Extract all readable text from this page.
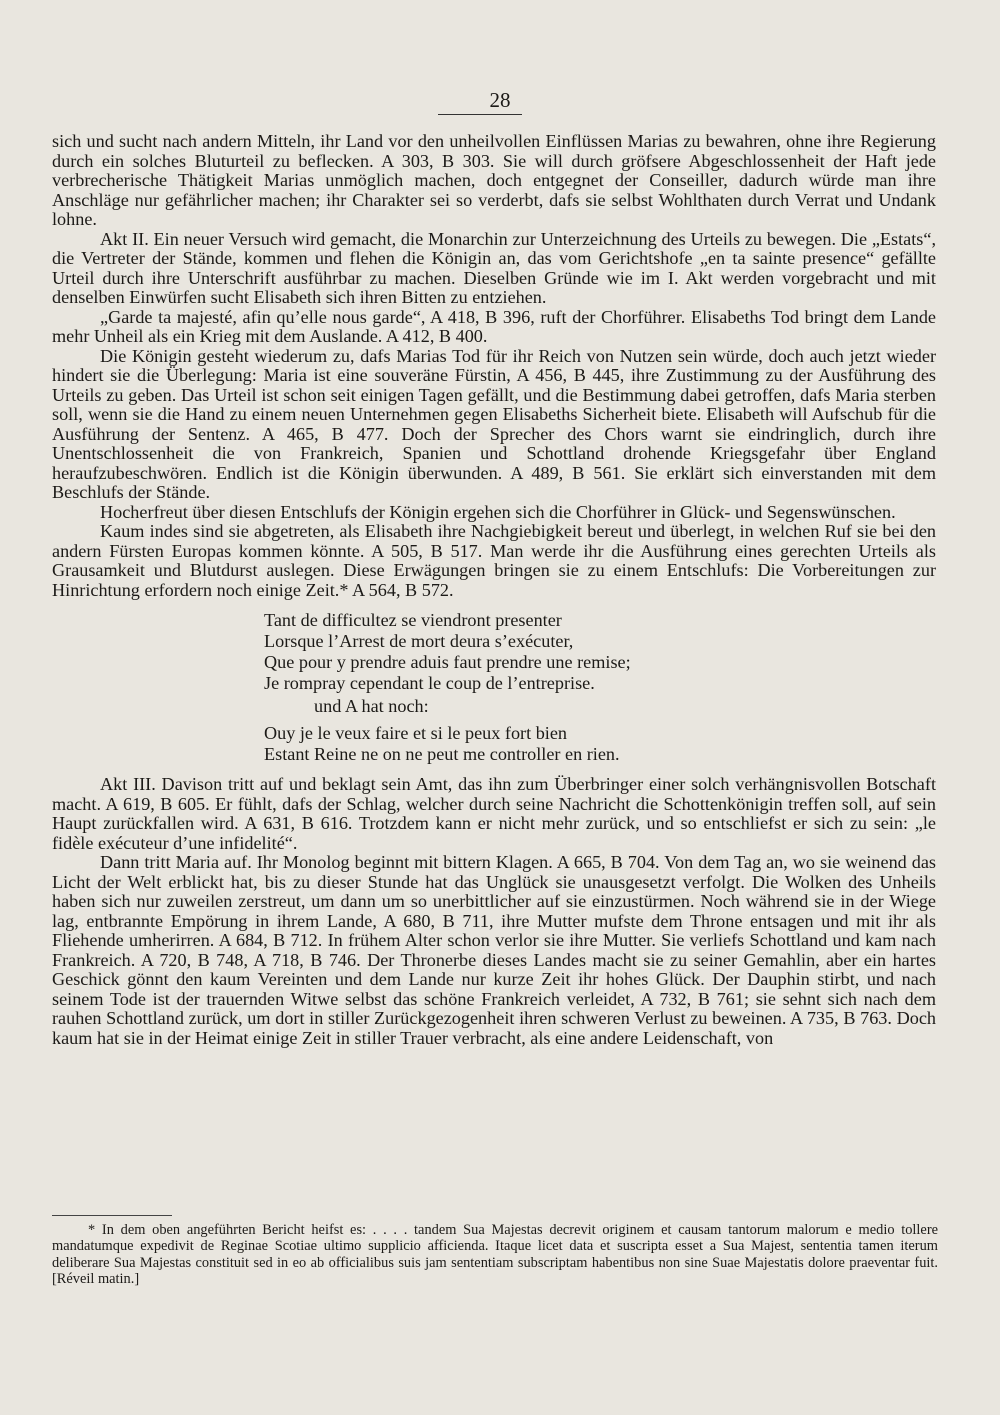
28

sich und sucht nach andern Mitteln, ihr Land vor den unheilvollen Einflüssen Marias zu bewahren, ohne ihre Regierung durch ein solches Bluturteil zu beflecken. A 303, B 303. Sie will durch gröfsere Abgeschlossenheit der Haft jede verbrecherische Thätigkeit Marias unmöglich machen, doch entgegnet der Conseiller, dadurch würde man ihre Anschläge nur gefährlicher machen; ihr Charakter sei so verderbt, dafs sie selbst Wohlthaten durch Verrat und Undank lohne.

Akt II. Ein neuer Versuch wird gemacht, die Monarchin zur Unterzeichnung des Urteils zu bewegen. Die „Estats“, die Vertreter der Stände, kommen und flehen die Königin an, das vom Gerichtshofe „en ta sainte presence“ gefällte Urteil durch ihre Unterschrift ausführbar zu machen. Dieselben Gründe wie im I. Akt werden vorgebracht und mit denselben Einwürfen sucht Elisabeth sich ihren Bitten zu entziehen.

„Garde ta majesté, afin qu’elle nous garde“, A 418, B 396, ruft der Chorführer. Elisabeths Tod bringt dem Lande mehr Unheil als ein Krieg mit dem Auslande. A 412, B 400.

Die Königin gesteht wiederum zu, dafs Marias Tod für ihr Reich von Nutzen sein würde, doch auch jetzt wieder hindert sie die Überlegung: Maria ist eine souveräne Fürstin, A 456, B 445, ihre Zustimmung zu der Ausführung des Urteils zu geben. Das Urteil ist schon seit einigen Tagen gefällt, und die Bestimmung dabei getroffen, dafs Maria sterben soll, wenn sie die Hand zu einem neuen Unternehmen gegen Elisabeths Sicherheit biete. Elisabeth will Aufschub für die Ausführung der Sentenz. A 465, B 477. Doch der Sprecher des Chors warnt sie eindringlich, durch ihre Unentschlossenheit die von Frankreich, Spanien und Schottland drohende Kriegsgefahr über England heraufzubeschwören. Endlich ist die Königin überwunden. A 489, B 561. Sie erklärt sich einverstanden mit dem Beschlufs der Stände.

Hocherfreut über diesen Entschlufs der Königin ergehen sich die Chorführer in Glück- und Segenswünschen.

Kaum indes sind sie abgetreten, als Elisabeth ihre Nachgiebigkeit bereut und überlegt, in welchen Ruf sie bei den andern Fürsten Europas kommen könnte. A 505, B 517. Man werde ihr die Ausführung eines gerechten Urteils als Grausamkeit und Blutdurst auslegen. Diese Erwägungen bringen sie zu einem Entschlufs: Die Vorbereitungen zur Hinrichtung erfordern noch einige Zeit.* A 564, B 572.

Tant de difficultez se viendront presenter
Lorsque l’Arrest de mort deura s’exécuter,
Que pour y prendre aduis faut prendre une remise;
Je rompray cependant le coup de l’entreprise.
und A hat noch:
Ouy je le veux faire et si le peux fort bien
Estant Reine ne on ne peut me controller en rien.

Akt III. Davison tritt auf und beklagt sein Amt, das ihn zum Überbringer einer solch verhängnisvollen Botschaft macht. A 619, B 605. Er fühlt, dafs der Schlag, welcher durch seine Nachricht die Schottenkönigin treffen soll, auf sein Haupt zurückfallen wird. A 631, B 616. Trotzdem kann er nicht mehr zurück, und so entschliefst er sich zu sein: „le fidèle exécuteur d’une infidelité“.

Dann tritt Maria auf. Ihr Monolog beginnt mit bittern Klagen. A 665, B 704. Von dem Tag an, wo sie weinend das Licht der Welt erblickt hat, bis zu dieser Stunde hat das Unglück sie unausgesetzt verfolgt. Die Wolken des Unheils haben sich nur zuweilen zerstreut, um dann um so unerbittlicher auf sie einzustürmen. Noch während sie in der Wiege lag, entbrannte Empörung in ihrem Lande, A 680, B 711, ihre Mutter mufste dem Throne entsagen und mit ihr als Fliehende umherirren. A 684, B 712. In frühem Alter schon verlor sie ihre Mutter. Sie verliefs Schottland und kam nach Frankreich. A 720, B 748, A 718, B 746. Der Thronerbe dieses Landes macht sie zu seiner Gemahlin, aber ein hartes Geschick gönnt den kaum Vereinten und dem Lande nur kurze Zeit ihr hohes Glück. Der Dauphin stirbt, und nach seinem Tode ist der trauernden Witwe selbst das schöne Frankreich verleidet, A 732, B 761; sie sehnt sich nach dem rauhen Schottland zurück, um dort in stiller Zurückgezogenheit ihren schweren Verlust zu beweinen. A 735, B 763. Doch kaum hat sie in der Heimat einige Zeit in stiller Trauer verbracht, als eine andere Leidenschaft, von

* In dem oben angeführten Bericht heifst es: . . . . tandem Sua Majestas decrevit originem et causam tantorum malorum e medio tollere mandatumque expedivit de Reginae Scotiae ultimo supplicio afficienda. Itaque licet data et suscripta esset a Sua Majest, sententia tamen iterum deliberare Sua Majestas constituit sed in eo ab officialibus suis jam sententiam subscriptam habentibus non sine Suae Majestatis dolore praeventar fuit. [Réveil matin.]
